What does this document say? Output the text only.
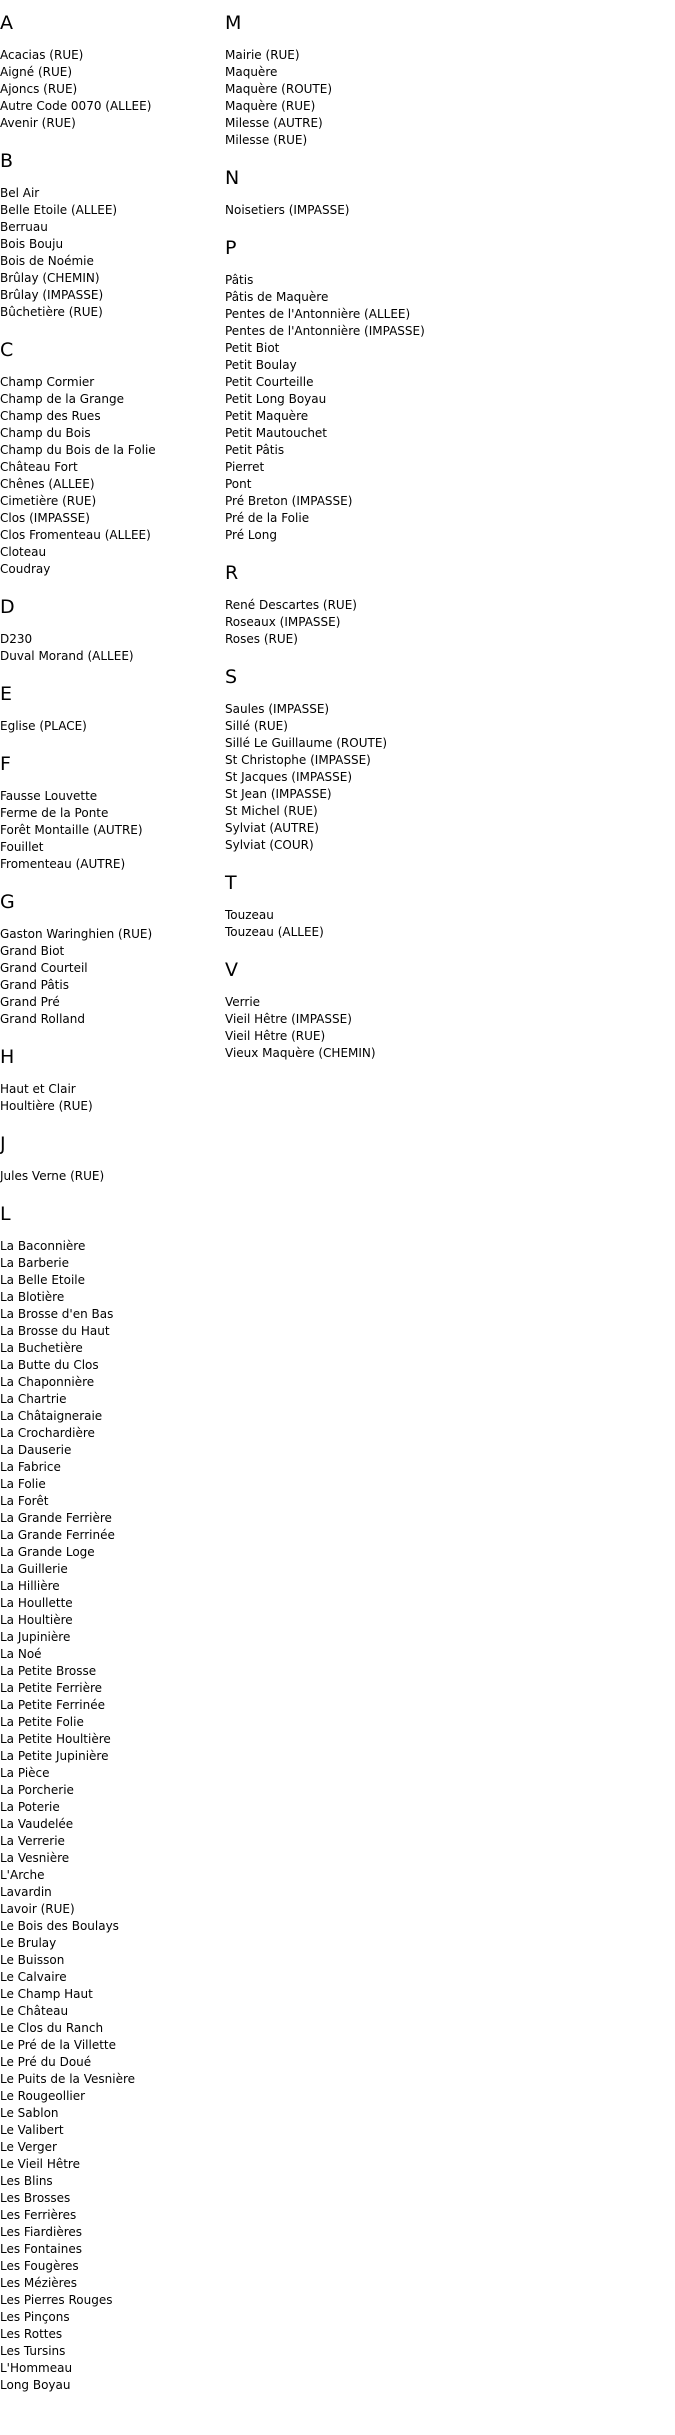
A
Acacias (RUE)
Aigné (RUE)
Ajoncs (RUE)
Autre Code 0070 (ALLEE)
Avenir (RUE)
B
Bel Air
Belle Etoile (ALLEE)
Berruau
Bois Bouju
Bois de Noémie
Brûlay (CHEMIN)
Brûlay (IMPASSE)
Bûchetière (RUE)
C
Champ Cormier
Champ de la Grange
Champ des Rues
Champ du Bois
Champ du Bois de la Folie
Château Fort
Chênes (ALLEE)
Cimetière (RUE)
Clos (IMPASSE)
Clos Fromenteau (ALLEE)
Cloteau
Coudray
D
D230
Duval Morand (ALLEE)
E
Eglise (PLACE)
F
Fausse Louvette
Ferme de la Ponte
Forêt Montaille (AUTRE)
Fouillet
Fromenteau (AUTRE)
G
Gaston Waringhien (RUE)
Grand Biot
Grand Courteil
Grand Pâtis
Grand Pré
Grand Rolland
H
Haut et Clair
Houltière (RUE)
J
Jules Verne (RUE)
L
La Baconnière
La Barberie
La Belle Etoile
La Blotière
La Brosse d'en Bas
La Brosse du Haut
La Buchetière
La Butte du Clos
La Chaponnière
La Chartrie
La Châtaigneraie
La Crochardière
La Dauserie
La Fabrice
La Folie
La Forêt
La Grande Ferrière
La Grande Ferrinée
La Grande Loge
La Guillerie
La Hillière
La Houllette
La Houltière
La Jupinière
La Noé
La Petite Brosse
La Petite Ferrière
La Petite Ferrinée
La Petite Folie
La Petite Houltière
La Petite Jupinière
La Pièce
La Porcherie
La Poterie
La Vaudelée
La Verrerie
La Vesnière
L'Arche
Lavardin
Lavoir (RUE)
Le Bois des Boulays
Le Brulay
Le Buisson
Le Calvaire
Le Champ Haut
Le Château
Le Clos du Ranch
Le Pré de la Villette
Le Pré du Doué
Le Puits de la Vesnière
Le Rougeollier
Le Sablon
Le Valibert
Le Verger
Le Vieil Hêtre
Les Blins
Les Brosses
Les Ferrières
Les Fiardières
Les Fontaines
Les Fougères
Les Mézières
Les Pierres Rouges
Les Pinçons
Les Rottes
Les Tursins
L'Hommeau
Long Boyau
M
Mairie (RUE)
Maquère
Maquère (ROUTE)
Maquère (RUE)
Milesse (AUTRE)
Milesse (RUE)
N
Noisetiers (IMPASSE)
P
Pâtis
Pâtis de Maquère
Pentes de l'Antonnière (ALLEE)
Pentes de l'Antonnière (IMPASSE)
Petit Biot
Petit Boulay
Petit Courteille
Petit Long Boyau
Petit Maquère
Petit Mautouchet
Petit Pâtis
Pierret
Pont
Pré Breton (IMPASSE)
Pré de la Folie
Pré Long
R
René Descartes (RUE)
Roseaux (IMPASSE)
Roses (RUE)
S
Saules (IMPASSE)
Sillé (RUE)
Sillé Le Guillaume (ROUTE)
St Christophe (IMPASSE)
St Jacques (IMPASSE)
St Jean (IMPASSE)
St Michel (RUE)
Sylviat (AUTRE)
Sylviat (COUR)
T
Touzeau
Touzeau (ALLEE)
V
Verrie
Vieil Hêtre (IMPASSE)
Vieil Hêtre (RUE)
Vieux Maquère (CHEMIN)
